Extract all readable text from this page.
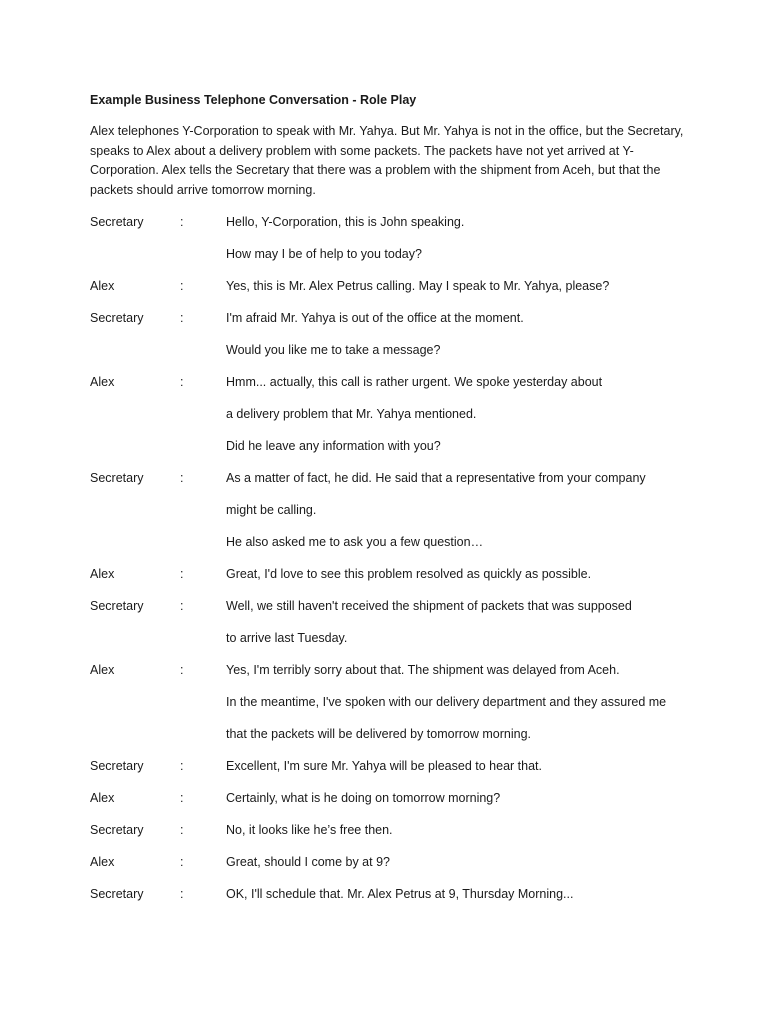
Example Business Telephone Conversation - Role Play
Alex telephones Y-Corporation to speak with Mr. Yahya. But Mr. Yahya is not in the office, but the Secretary, speaks to Alex about a delivery problem with some packets. The packets have not yet arrived at Y-Corporation. Alex tells the Secretary that there was a problem with the shipment from Aceh, but that the packets should arrive tomorrow morning.
Secretary	:	Hello, Y-Corporation, this is John speaking.
How may I be of help to you today?
Alex	:	Yes, this is Mr. Alex Petrus calling. May I speak to Mr. Yahya, please?
Secretary	:	I'm afraid Mr. Yahya is out of the office at the moment.
Would you like me to take a message?
Alex	:	Hmm... actually, this call is rather urgent. We spoke yesterday about
a delivery problem that Mr. Yahya mentioned.
Did he leave any information with you?
Secretary	:	As a matter of fact, he did. He said that a representative from your company
might be calling.
He also asked me to ask you a few question…
Alex	:	Great, I'd love to see this problem resolved as quickly as possible.
Secretary	:	Well, we still haven't received the shipment of packets that was supposed
to arrive last Tuesday.
Alex	:	Yes, I'm terribly sorry about that. The shipment was delayed from Aceh.
In the meantime, I've spoken with our delivery department and they assured me
that the packets will be delivered by tomorrow morning.
Secretary	:	Excellent, I'm sure Mr. Yahya will be pleased to hear that.
Alex	:	Certainly, what is he doing on tomorrow morning?
Secretary	:	No, it looks like he’s free then.
Alex	:	Great, should I come by at 9?
Secretary	:	OK, I'll schedule that. Mr. Alex Petrus at 9, Thursday Morning...
